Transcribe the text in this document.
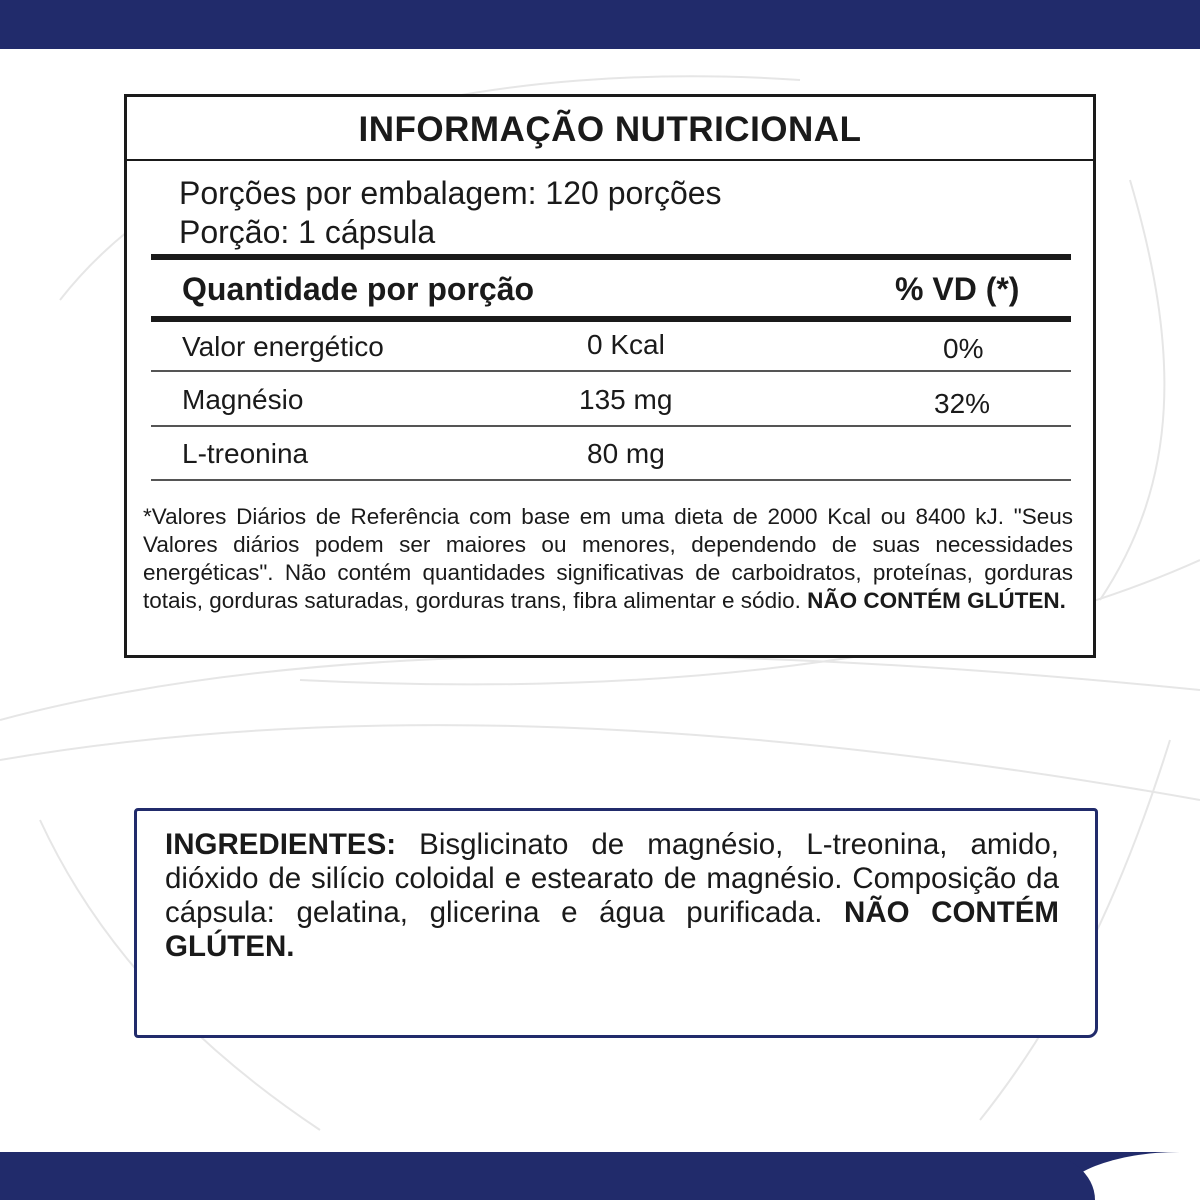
INFORMAÇÃO NUTRICIONAL
Porções por embalagem: 120 porções
Porção: 1 cápsula
Quantidade por porção	% VD (*)
Valor energético	0 Kcal	0%
Magnésio	135 mg	32%
L-treonina	80 mg
*Valores Diários de Referência com base em uma dieta de 2000 Kcal ou 8400 kJ. "Seus Valores diários podem ser maiores ou menores, dependendo de suas necessidades energéticas". Não contém quantidades significativas de carboidratos, proteínas, gorduras totais, gorduras saturadas, gorduras trans, fibra alimentar e sódio. NÃO CONTÉM GLÚTEN.

INGREDIENTES: Bisglicinato de magnésio, L-treonina, amido, dióxido de silício coloidal e estearato de magnésio. Composição da cápsula: gelatina, glicerina e água purificada. NÃO CONTÉM GLÚTEN.
